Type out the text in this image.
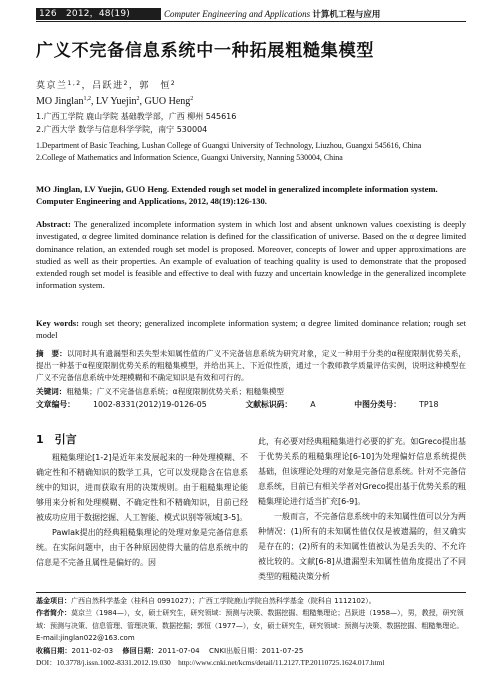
126 2012，48(19)	Computer Engineering and Applications 计算机工程与应用
广义不完备信息系统中一种拓展粗糙集模型
莫京兰$^{1,2}$，吕跃进$^2$，郭　恒$^2$
MO Jinglan$^{1,2}$, LV Yuejin$^2$, GUO Heng$^2$
1.广西工学院 鹿山学院 基础教学部，广西 柳州 545616
2.广西大学 数学与信息科学学院，南宁 530004
1.Department of Basic Teaching, Lushan College of Guangxi University of Technology, Liuzhou, Guangxi 545616, China
2.College of Mathematics and Information Science, Guangxi University, Nanning 530004, China
MO Jinglan, LV Yuejin, GUO Heng. Extended rough set model in generalized incomplete information system. Computer Engineering and Applications, 2012, 48(19):126-130.
Abstract: The generalized incomplete information system in which lost and absent unknown values coexisting is deeply investigated, α degree limited dominance relation is defined for the classification of universe. Based on the α degree limited dominance relation, an extended rough set model is proposed. Moreover, concepts of lower and upper approximations are studied as well as their properties. An example of evaluation of teaching quality is used to demonstrate that the proposed extended rough set model is feasible and effective to deal with fuzzy and uncertain knowledge in the generalized incomplete information system.
Key words: rough set theory; generalized incomplete information system; α degree limited dominance relation; rough set model
摘　要：以同时具有遗漏型和丢失型未知属性值的广义不完备信息系统为研究对象，定义一种用于分类的α程度限制优势关系，提出一种基于α程度限制优势关系的粗糙集模型，并给出其上、下近似性质，通过一个教师教学质量评估实例，说明这种模型在广义不完备信息系统中处理模糊和不确定知识是有效和可行的。
关键词：粗糙集；广义不完备信息系统；α程度限制优势关系；粗糙集模型
文章编号： 1002-8331(2012)19-0126-05	文献标识码： A	中图分类号： TP18
1　引言
粗糙集理论[1-2]是近年来发展起来的一种处理模糊、不确定性和不精确知识的数学工具，它可以发现隐含在信息系统中的知识，进而获取有用的决策规则。由于粗糙集理论能够用来分析和处理模糊、不确定性和不精确知识，目前已经被成功应用于数据挖掘、人工智能、模式识别等领域[3-5]。
Pawlak提出的经典粗糙集理论的处理对象是完备信息系统。在实际问题中，由于各种原因使得大量的信息系统中的信息是不完备且属性是偏好的。因
此，有必要对经典粗糙集进行必要的扩充。如Greco提出基于优势关系的粗糙集理论[6-10]为处理偏好信息系统提供基础，但该理论处理的对象是完备信息系统。针对不完备信息系统，目前已有相关学者对Greco提出基于优势关系的粗糙集理论进行适当扩充[6-9]。
一般而言，不完备信息系统中的未知属性值可以分为两种情况：(1)所有的未知属性值仅仅是被遗漏的，但又确实是存在的；(2)所有的未知属性值被认为是丢失的、不允许被比较的。文献[6-8]从遗漏型未知属性值角度提出了不同类型的粗糙决策分析
基金项目：广西自然科学基金（桂科自 0991027）；广西工学院鹿山学院自然科学基金（院科自 1112102）。
作者简介：莫京兰（1984—），女，硕士研究生，研究领域：预测与决策、数据挖掘、粗糙集理论；吕跃进（1958—），男，教授，研究领域：预测与决策、信息管理、管理决策、数据挖掘；郭恒（1977—），女，硕士研究生，研究领域：预测与决策、数据挖掘、粗糙集理论。E-mail:jinglan022@163.com
收稿日期：2011-02-03 修回日期：2011-07-04 CNKI出版日期：2011-07-25
DOI：10.3778/j.issn.1002-8331.2012.19.030 http://www.cnki.net/kcms/detail/11.2127.TP.20110725.1624.017.html
